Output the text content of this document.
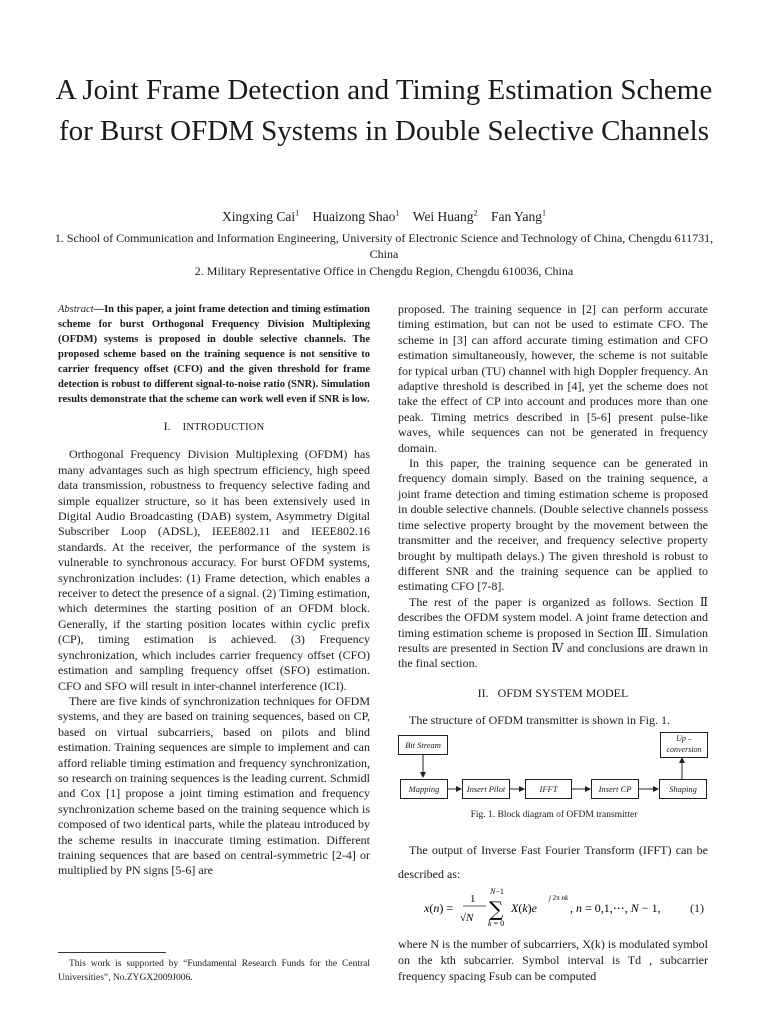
A Joint Frame Detection and Timing Estimation Scheme for Burst OFDM Systems in Double Selective Channels
Xingxing Cai$^1$ Huaizong Shao$^1$ Wei Huang$^2$ Fan Yang$^1$
1. School of Communication and Information Engineering, University of Electronic Science and Technology of China, Chengdu 611731, China
2. Military Representative Office in Chengdu Region, Chengdu 610036, China

Abstract—In this paper, a joint frame detection and timing estimation scheme for burst Orthogonal Frequency Division Multiplexing (OFDM) systems is proposed in double selective channels. The proposed scheme based on the training sequence is not sensitive to carrier frequency offset (CFO) and the given threshold for frame detection is robust to different signal-to-noise ratio (SNR). Simulation results demonstrate that the scheme can work well even if SNR is low.

I. INTRODUCTION

Orthogonal Frequency Division Multiplexing (OFDM) has many advantages such as high spectrum efficiency, high speed data transmission, robustness to frequency selective fading and simple equalizer structure, so it has been extensively used in Digital Audio Broadcasting (DAB) system, Asymmetry Digital Subscriber Loop (ADSL), IEEE802.11 and IEEE802.16 standards. At the receiver, the performance of the system is vulnerable to synchronous accuracy. For burst OFDM systems, synchronization includes: (1) Frame detection, which enables a receiver to detect the presence of a signal. (2) Timing estimation, which determines the starting position of an OFDM block. Generally, if the starting position locates within cyclic prefix (CP), timing estimation is achieved. (3) Frequency synchronization, which includes carrier frequency offset (CFO) estimation and sampling frequency offset (SFO) estimation. CFO and SFO will result in inter-channel interference (ICI).

There are five kinds of synchronization techniques for OFDM systems, and they are based on training sequences, based on CP, based on virtual subcarriers, based on pilots and blind estimation. Training sequences are simple to implement and can afford reliable timing estimation and frequency synchronization, so research on training sequences is the leading current. Schmidl and Cox [1] propose a joint timing estimation and frequency synchronization scheme based on the training sequence which is composed of two identical parts, while the plateau introduced by the scheme results in inaccurate timing estimation. Different training sequences that are based on central-symmetric [2-4] or multiplied by PN signs [5-6] are

This work is supported by “Fundamental Research Funds for the Central Universities”, No.ZYGX2009J006.

proposed. The training sequence in [2] can perform accurate timing estimation, but can not be used to estimate CFO. The scheme in [3] can afford accurate timing estimation and CFO estimation simultaneously, however, the scheme is not suitable for typical urban (TU) channel with high Doppler frequency. An adaptive threshold is described in [4], yet the scheme does not take the effect of CP into account and produces more than one peak. Timing metrics described in [5-6] present pulse-like waves, while sequences can not be generated in frequency domain.

In this paper, the training sequence can be generated in frequency domain simply. Based on the training sequence, a joint frame detection and timing estimation scheme is proposed in double selective channels. (Double selective channels possess time selective property brought by the movement between the transmitter and the receiver, and frequency selective property brought by multipath delays.) The given threshold is robust to different SNR and the training sequence can be applied to estimating CFO [7-8].

The rest of the paper is organized as follows. Section Ⅱ describes the OFDM system model. A joint frame detection and timing estimation scheme is proposed in Section Ⅲ. Simulation results are presented in Section Ⅳ and conclusions are drawn in the final section.

II. OFDM SYSTEM MODEL

The structure of OFDM transmitter is shown in Fig. 1.

Bit Stream
Up – conversion
Mapping	Insert Pilot	IFFT	Insert CP	Shaping
Fig. 1. Block diagram of OFDM transmitter

The output of Inverse Fast Fourier Transform (IFFT) can be described as:

x(n) =
1
√N
N−1
∑
k = 0
X(k)e
j 2π nk
, n = 0,1,⋯, N − 1, (1)

where N is the number of subcarriers, X(k) is modulated symbol on the kth subcarrier. Symbol interval is Td , subcarrier frequency spacing Fsub can be computed
